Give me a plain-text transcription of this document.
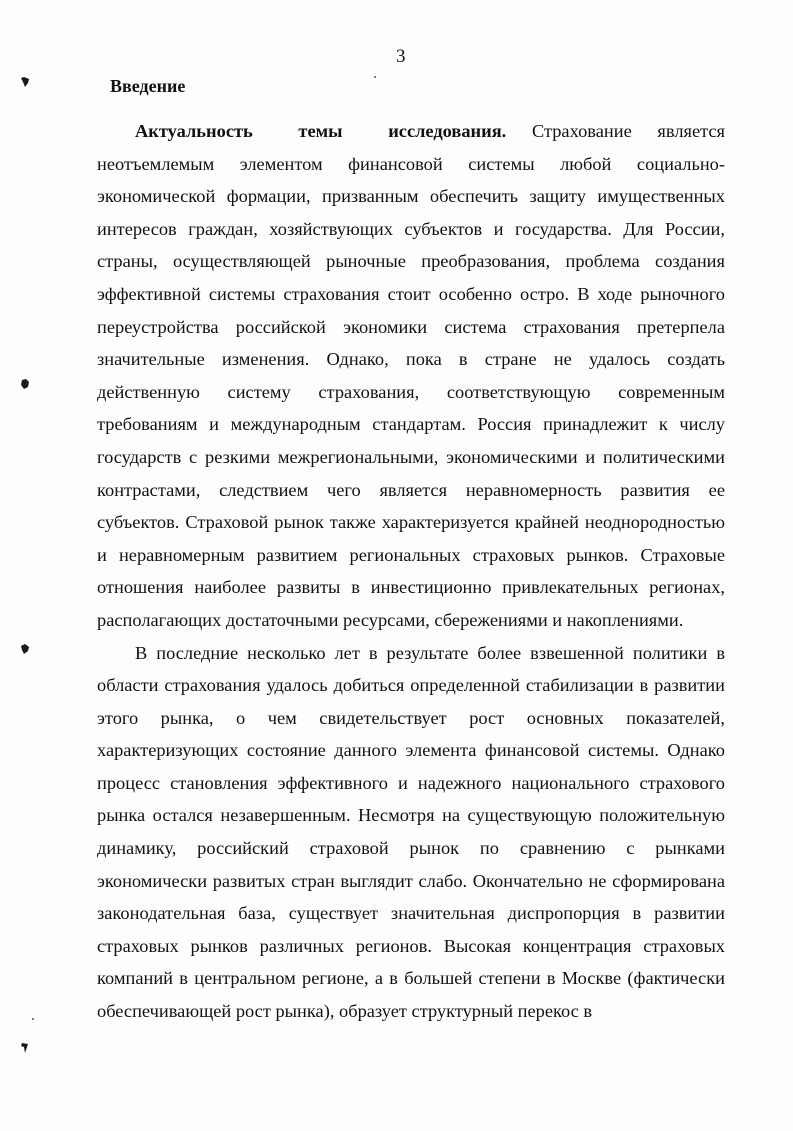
3
Введение

Актуальность темы исследования. Страхование является неотъемлемым элементом финансовой системы любой социально-экономической формации, призванным обеспечить защиту имущественных интересов граждан, хозяйствующих субъектов и государства. Для России, страны, осуществляющей рыночные преобразования, проблема создания эффективной системы страхования стоит особенно остро. В ходе рыночного переустройства российской экономики система страхования претерпела значительные изменения. Однако, пока в стране не удалось создать действенную систему страхования, соответствующую современным требованиям и международным стандартам. Россия принадлежит к числу государств с резкими межрегиональными, экономическими и политическими контрастами, следствием чего является неравномерность развития ее субъектов. Страховой рынок также характеризуется крайней неоднородностью и неравномерным развитием региональных страховых рынков. Страховые отношения наиболее развиты в инвестиционно привлекательных регионах, располагающих достаточными ресурсами, сбережениями и накоплениями.

В последние несколько лет в результате более взвешенной политики в области страхования удалось добиться определенной стабилизации в развитии этого рынка, о чем свидетельствует рост основных показателей, характеризующих состояние данного элемента финансовой системы. Однако процесс становления эффективного и надежного национального страхового рынка остался незавершенным. Несмотря на существующую положительную динамику, российский страховой рынок по сравнению с рынками экономически развитых стран выглядит слабо. Окончательно не сформирована законодательная база, существует значительная диспропорция в развитии страховых рынков различных регионов. Высокая концентрация страховых компаний в центральном регионе, а в большей степени в Москве (фактически обеспечивающей рост рынка), образует структурный перекос в
